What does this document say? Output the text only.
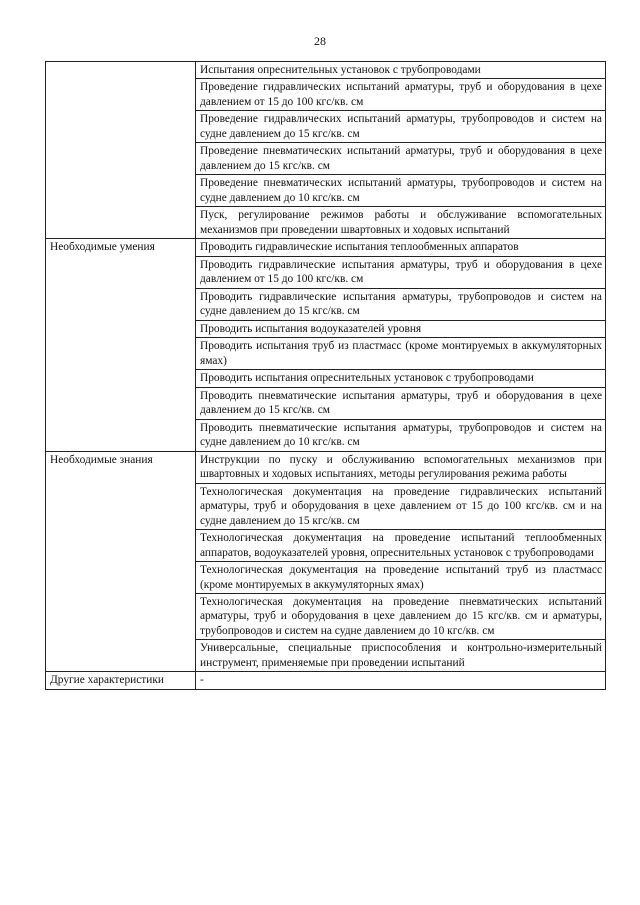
28
	Испытания опреснительных установок с трубопроводами
	Проведение гидравлических испытаний арматуры, труб и оборудования в цехе давлением от 15 до 100 кгс/кв. см
	Проведение гидравлических испытаний арматуры, трубопроводов и систем на судне давлением до 15 кгс/кв. см
	Проведение пневматических испытаний арматуры, труб и оборудования в цехе давлением до 15 кгс/кв. см
	Проведение пневматических испытаний арматуры, трубопроводов и систем на судне давлением до 10 кгс/кв. см
	Пуск, регулирование режимов работы и обслуживание вспомогательных механизмов при проведении швартовных и ходовых испытаний
Необходимые умения	Проводить гидравлические испытания теплообменных аппаратов
	Проводить гидравлические испытания арматуры, труб и оборудования в цехе давлением от 15 до 100 кгс/кв. см
	Проводить гидравлические испытания арматуры, трубопроводов и систем на судне давлением до 15 кгс/кв. см
	Проводить испытания водоуказателей уровня
	Проводить испытания труб из пластмасс (кроме монтируемых в аккумуляторных ямах)
	Проводить испытания опреснительных установок с трубопроводами
	Проводить пневматические испытания арматуры, труб и оборудования в цехе давлением до 15 кгс/кв. см
	Проводить пневматические испытания арматуры, трубопроводов и систем на судне давлением до 10 кгс/кв. см
Необходимые знания	Инструкции по пуску и обслуживанию вспомогательных механизмов при швартовных и ходовых испытаниях, методы регулирования режима работы
	Технологическая документация на проведение гидравлических испытаний арматуры, труб и оборудования в цехе давлением от 15 до 100 кгс/кв. см и на судне давлением до 15 кгс/кв. см
	Технологическая документация на проведение испытаний теплообменных аппаратов, водоуказателей уровня, опреснительных установок с трубопроводами
	Технологическая документация на проведение испытаний труб из пластмасс (кроме монтируемых в аккумуляторных ямах)
	Технологическая документация на проведение пневматических испытаний арматуры, труб и оборудования в цехе давлением до 15 кгс/кв. см и арматуры, трубопроводов и систем на судне давлением до 10 кгс/кв. см
	Универсальные, специальные приспособления и контрольно-измерительный инструмент, применяемые при проведении испытаний
Другие характеристики	-
